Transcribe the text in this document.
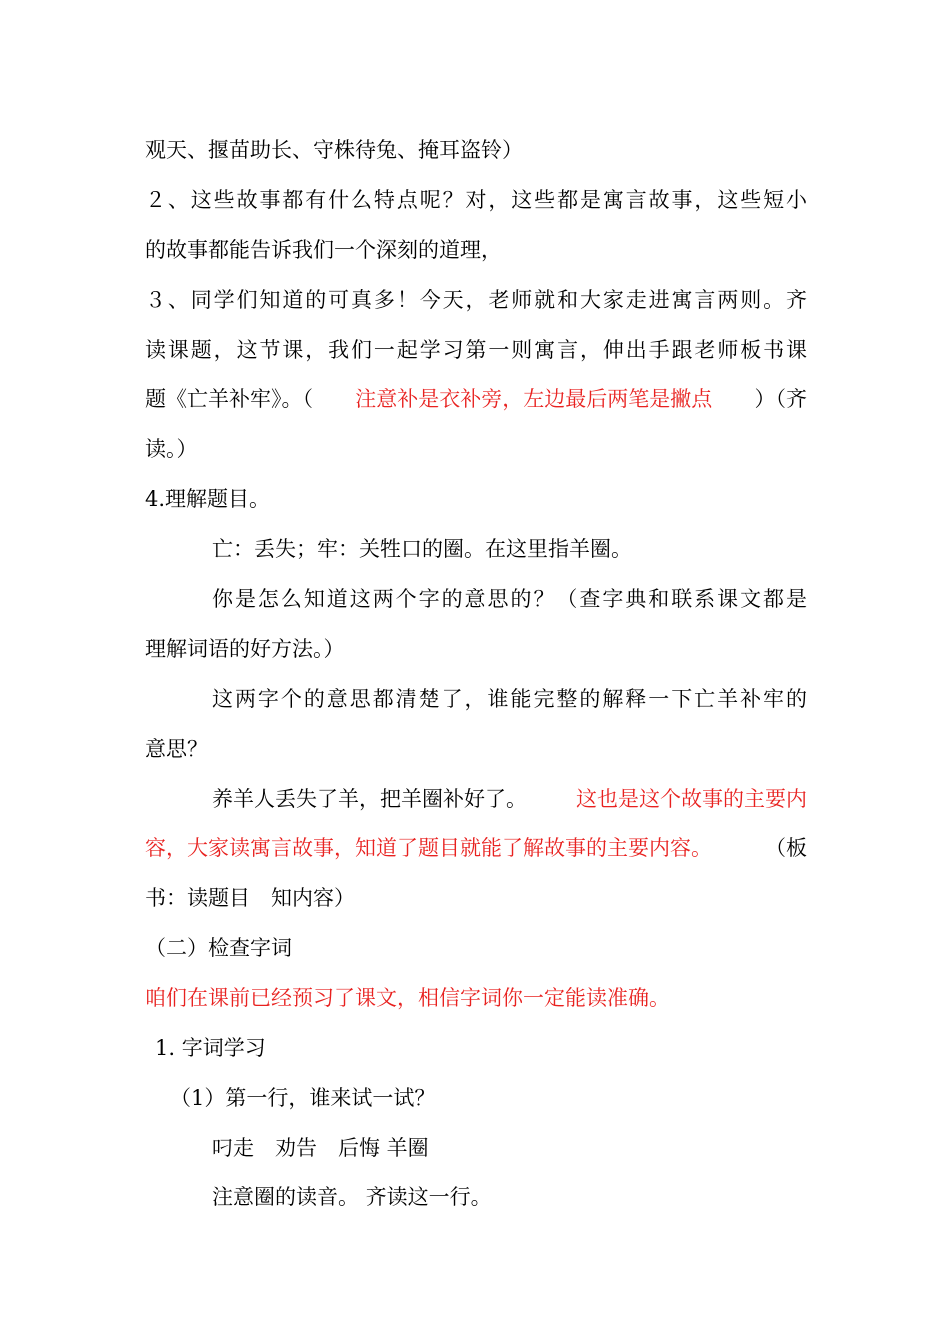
观天、揠苗助长、守株待兔、掩耳盗铃）
２、这些故事都有什么特点呢？对，这些都是寓言故事，这些短小
的故事都能告诉我们一个深刻的道理，
３、同学们知道的可真多！今天，老师就和大家走进寓言两则。齐
读课题，这节课，我们一起学习第一则寓言，伸出手跟老师板书课
题《亡羊补牢》。（ 注意补是衣补旁，左边最后两笔是撇点 ）（齐
读。）
4.理解题目。
亡：丢失；牢：关牲口的圈。在这里指羊圈。
你是怎么知道这两个字的意思的？（查字典和联系课文都是
理解词语的好方法。）
这两字个的意思都清楚了，谁能完整的解释一下亡羊补牢的
意思？
养羊人丢失了羊，把羊圈补好了。 这也是这个故事的主要内
容，大家读寓言故事，知道了题目就能了解故事的主要内容。	（板
书：读题目　知内容）
（二）检查字词
咱们在课前已经预习了课文，相信字词你一定能读准确。
1. 字词学习
（1）第一行，谁来试一试？
叼走　劝告　后悔 羊圈
注意圈的读音。 齐读这一行。
